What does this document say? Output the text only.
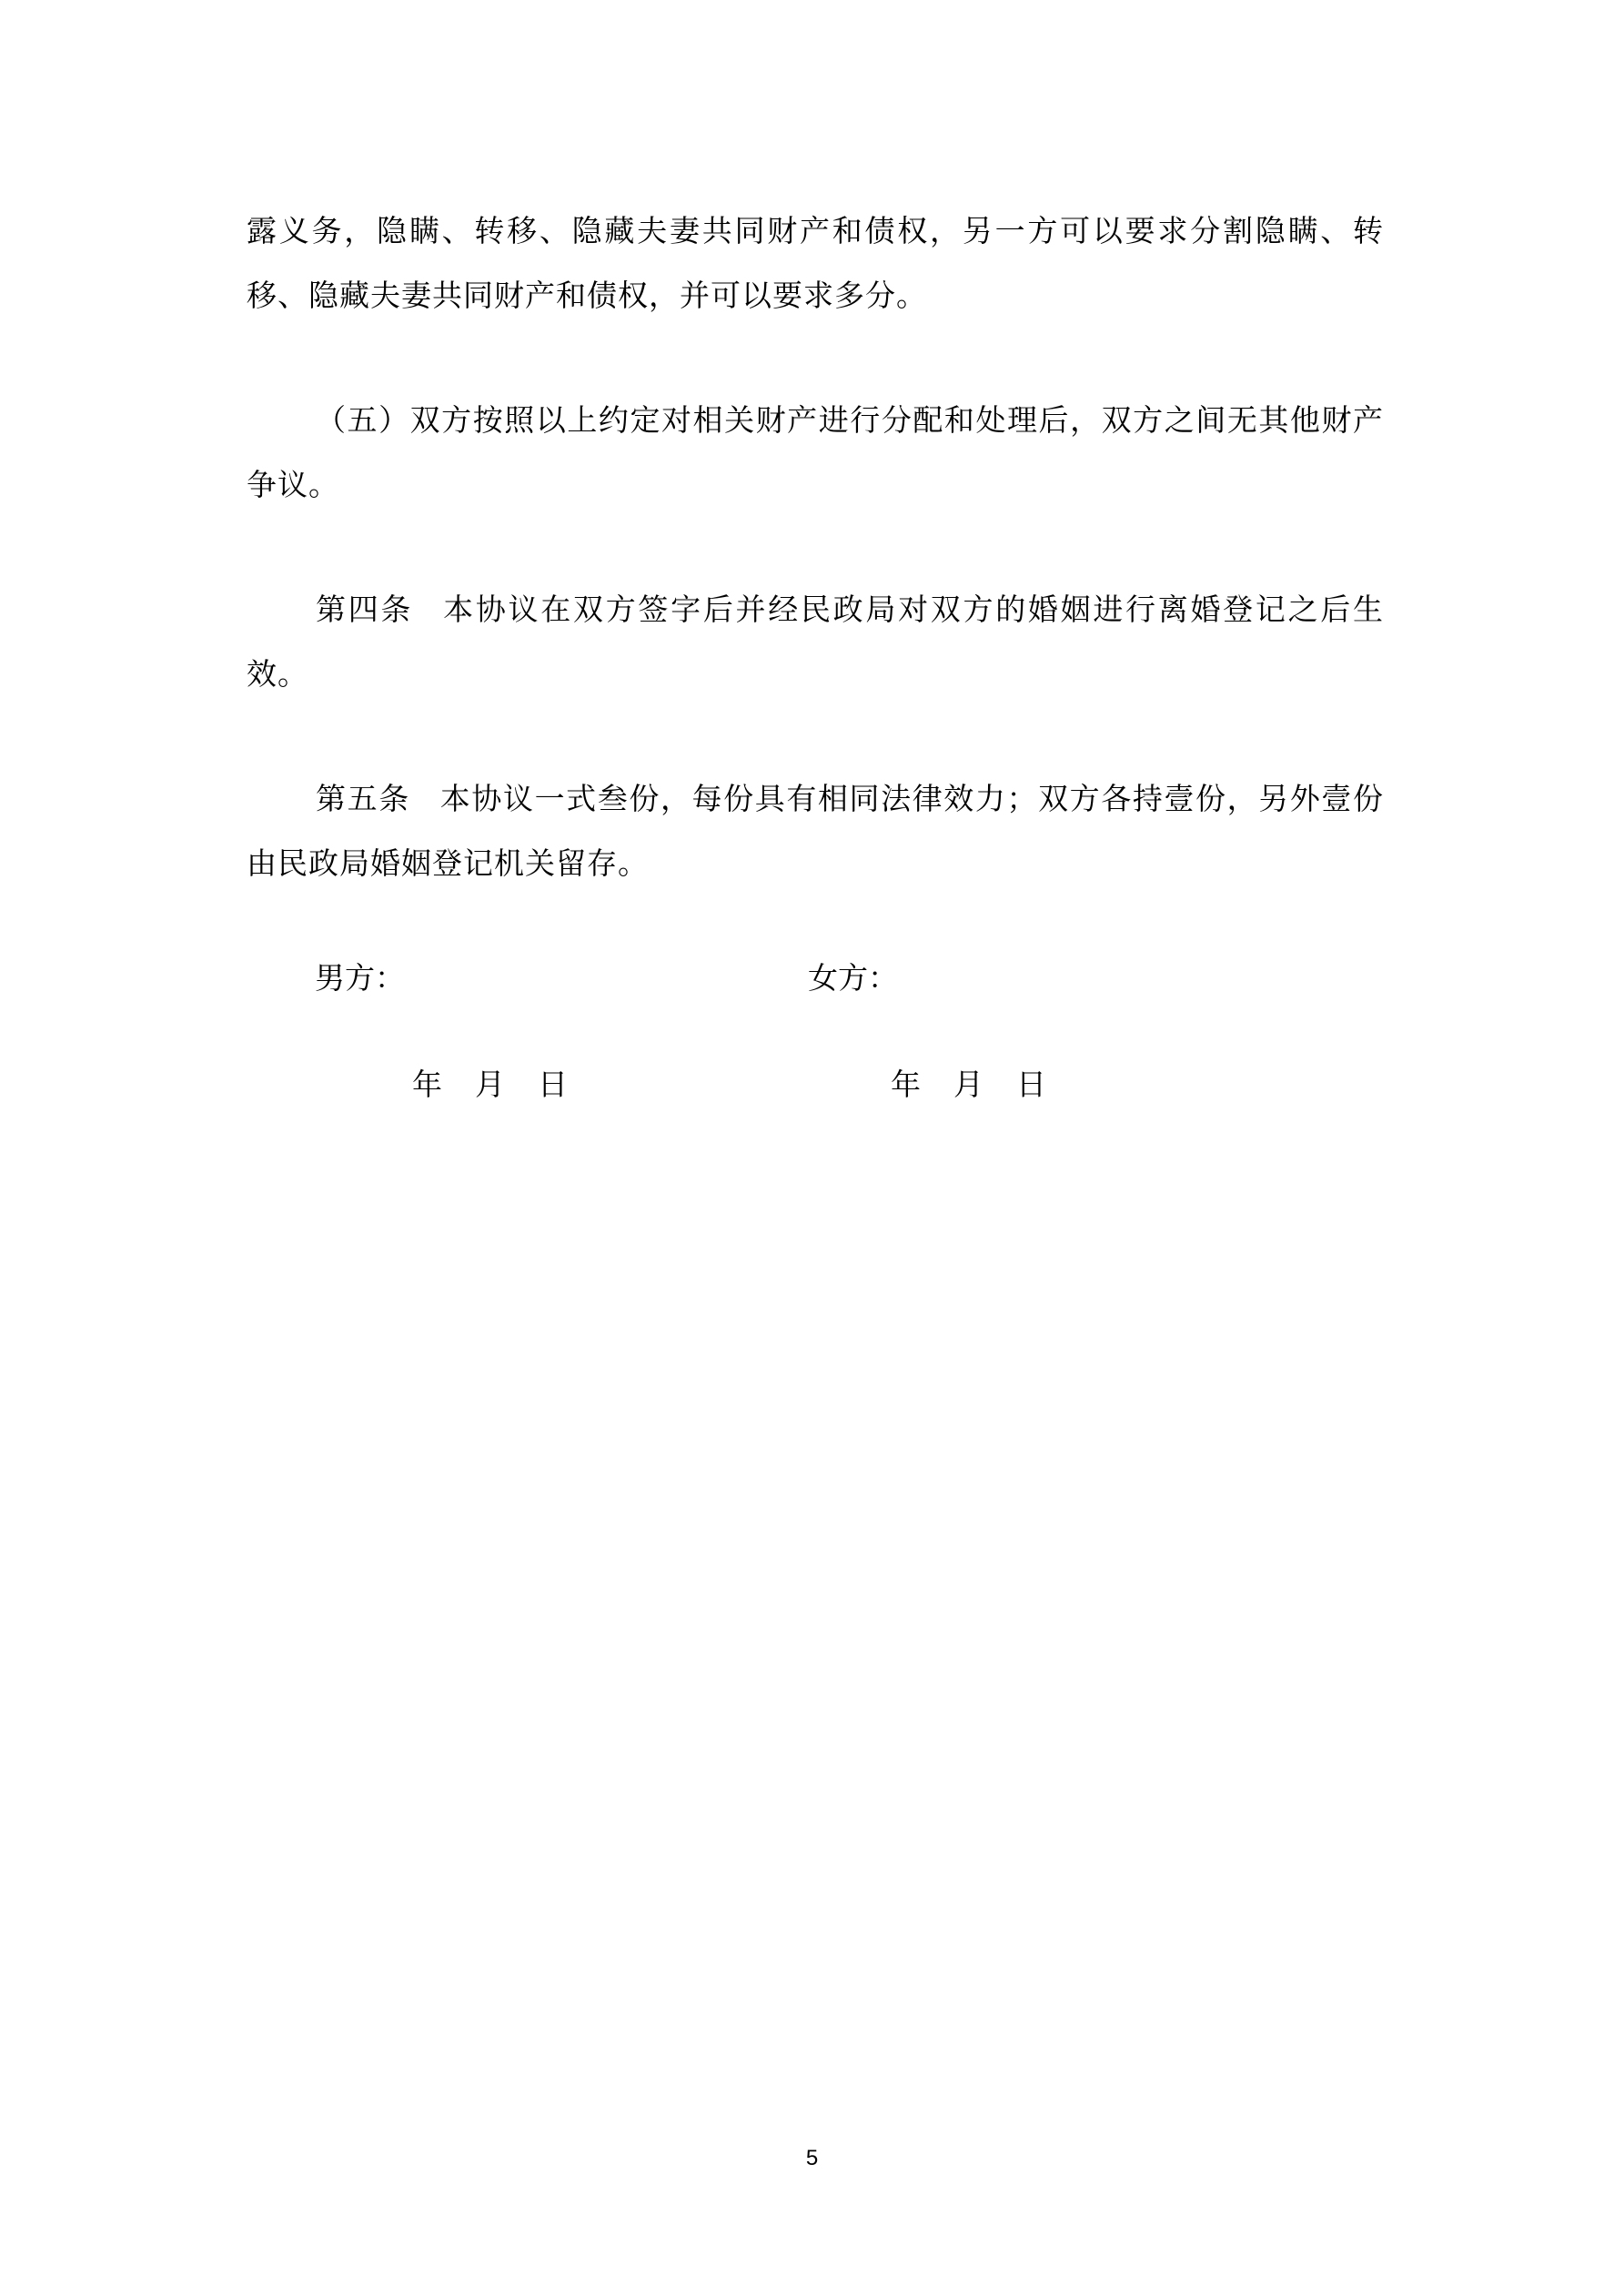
露义务，隐瞒、转移、隐藏夫妻共同财产和债权，另一方可以要求分割隐瞒、转移、隐藏夫妻共同财产和债权，并可以要求多分。

（五）双方按照以上约定对相关财产进行分配和处理后，双方之间无其他财产争议。

第四条 本协议在双方签字后并经民政局对双方的婚姻进行离婚登记之后生效。

第五条 本协议一式叁份，每份具有相同法律效力；双方各持壹份，另外壹份由民政局婚姻登记机关留存。

男方：	女方：
年 月 日	年 月 日
5
